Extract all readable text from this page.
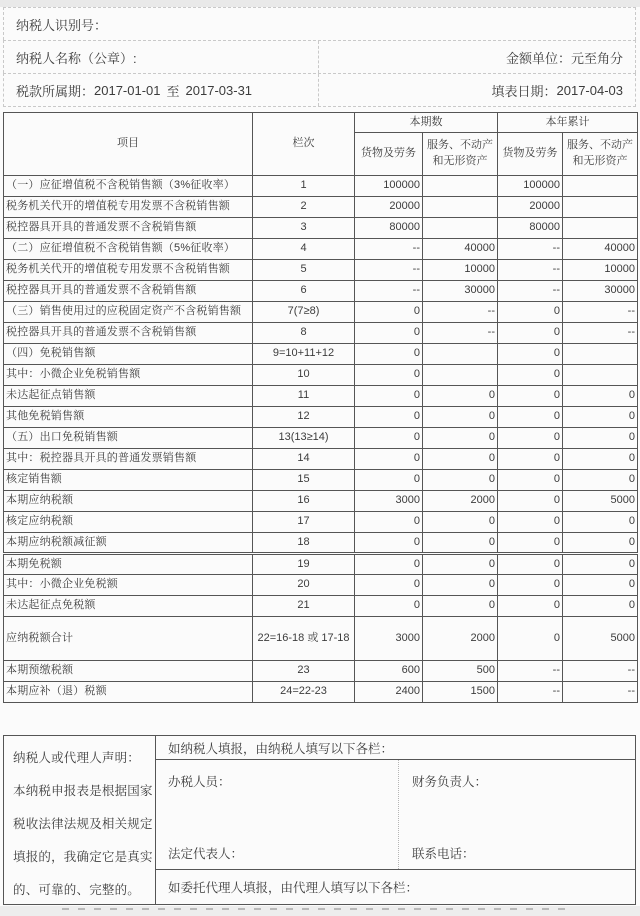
纳税人识别号：
纳税人名称（公章）:	金额单位：元至角分
税款所属期： 2017-01-01 至 2017-03-31	填表日期： 2017-04-03
项目	栏次	本期数		本年累计	
		货物及劳务	服务、不动产和无形资产	货物及劳务	服务、不动产和无形资产
（一）应征增值税不含税销售额（3%征收率）	1	100000		100000	
税务机关代开的增值税专用发票不含税销售额	2	20000		20000	
税控器具开具的普通发票不含税销售额	3	80000		80000	
（二）应征增值税不含税销售额（5%征收率）	4	--	40000	--	40000
税务机关代开的增值税专用发票不含税销售额	5	--	10000	--	10000
税控器具开具的普通发票不含税销售额	6	--	30000	--	30000
（三）销售使用过的应税固定资产不含税销售额	7(7≥8)	0	--	0	--
税控器具开具的普通发票不含税销售额	8	0	--	0	--
（四）免税销售额	9=10+11+12	0		0	
其中：小微企业免税销售额	10	0		0	
未达起征点销售额	11	0	0	0	0
其他免税销售额	12	0	0	0	0
（五）出口免税销售额	13(13≥14)	0	0	0	0
其中：税控器具开具的普通发票销售额	14	0	0	0	0
核定销售额	15	0	0	0	0
本期应纳税额	16	3000	2000	0	5000
核定应纳税额	17	0	0	0	0
本期应纳税额减征额	18	0	0	0	0
本期免税额	19	0	0	0	0
其中：小微企业免税额	20	0	0	0	0
未达起征点免税额	21	0	0	0	0
应纳税额合计	22=16-18 或 17-18	3000	2000	0	5000
本期预缴税额	23	600	500	--	--
本期应补（退）税额	24=22-23	2400	1500	--	--
纳税人或代理人声明：
本纳税申报表是根据国家
税收法律法规及相关规定
填报的，我确定它是真实
的、可靠的、完整的。
如纳税人填报，由纳税人填写以下各栏：
办税人员：	财务负责人：
法定代表人：	联系电话：
如委托代理人填报，由代理人填写以下各栏：
